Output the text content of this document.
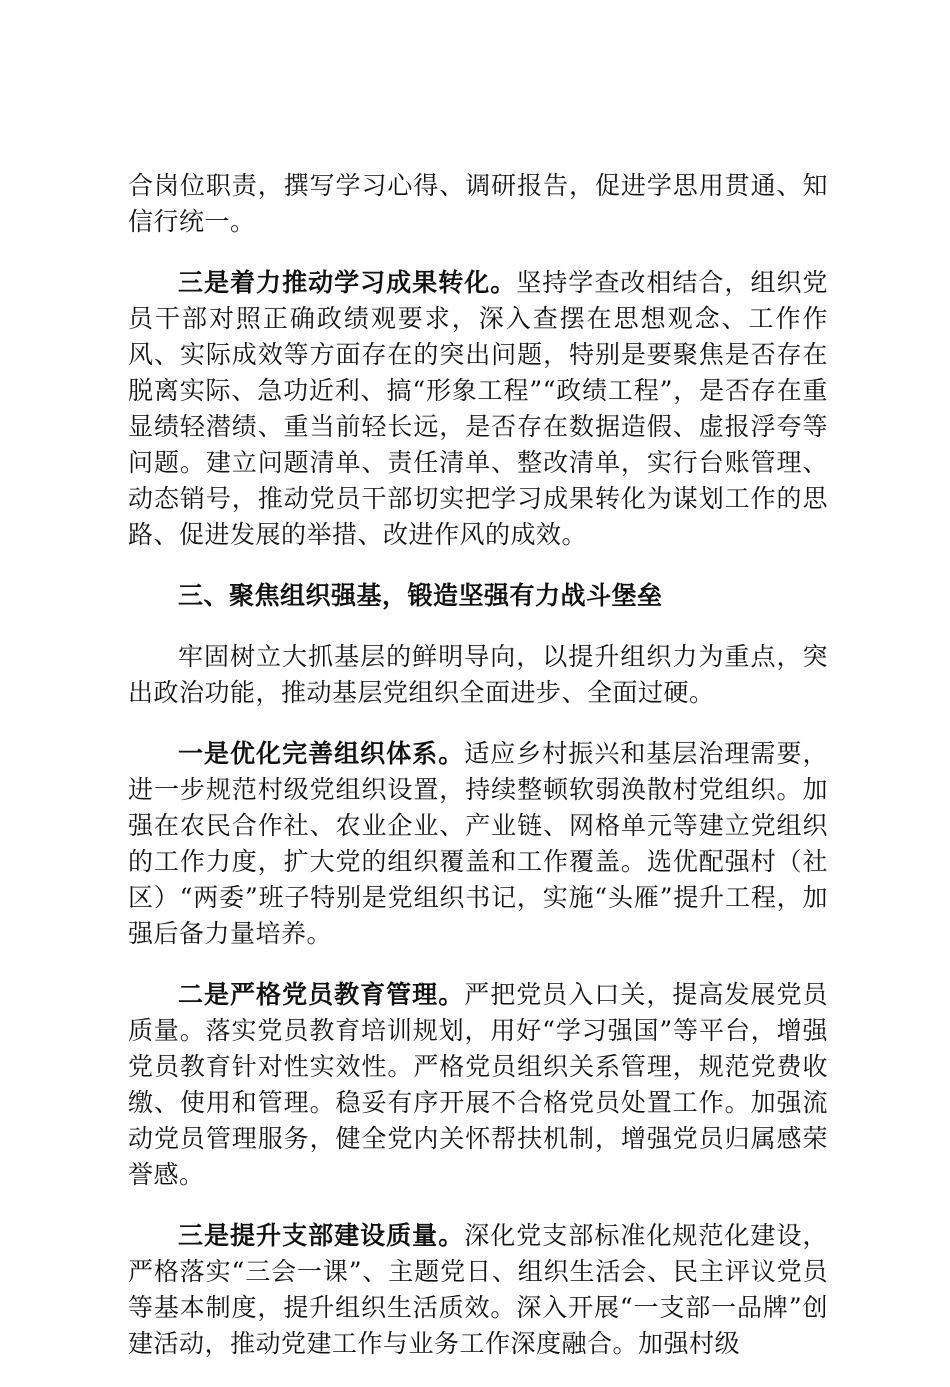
合岗位职责，撰写学习心得、调研报告，促进学思用贯通、知信行统一。

三是着力推动学习成果转化。坚持学查改相结合，组织党员干部对照正确政绩观要求，深入查摆在思想观念、工作作风、实际成效等方面存在的突出问题，特别是要聚焦是否存在脱离实际、急功近利、搞“形象工程”“政绩工程”，是否存在重显绩轻潜绩、重当前轻长远，是否存在数据造假、虚报浮夸等问题。建立问题清单、责任清单、整改清单，实行台账管理、动态销号，推动党员干部切实把学习成果转化为谋划工作的思路、促进发展的举措、改进作风的成效。

三、聚焦组织强基，锻造坚强有力战斗堡垒

牢固树立大抓基层的鲜明导向，以提升组织力为重点，突出政治功能，推动基层党组织全面进步、全面过硬。

一是优化完善组织体系。适应乡村振兴和基层治理需要，进一步规范村级党组织设置，持续整顿软弱涣散村党组织。加强在农民合作社、农业企业、产业链、网格单元等建立党组织的工作力度，扩大党的组织覆盖和工作覆盖。选优配强村（社区）“两委”班子特别是党组织书记，实施“头雁”提升工程，加强后备力量培养。

二是严格党员教育管理。严把党员入口关，提高发展党员质量。落实党员教育培训规划，用好“学习强国”等平台，增强党员教育针对性实效性。严格党员组织关系管理，规范党费收缴、使用和管理。稳妥有序开展不合格党员处置工作。加强流动党员管理服务，健全党内关怀帮扶机制，增强党员归属感荣誉感。

三是提升支部建设质量。深化党支部标准化规范化建设，严格落实“三会一课”、主题党日、组织生活会、民主评议党员等基本制度，提升组织生活质效。深入开展“一支部一品牌”创建活动，推动党建工作与业务工作深度融合。加强村级
